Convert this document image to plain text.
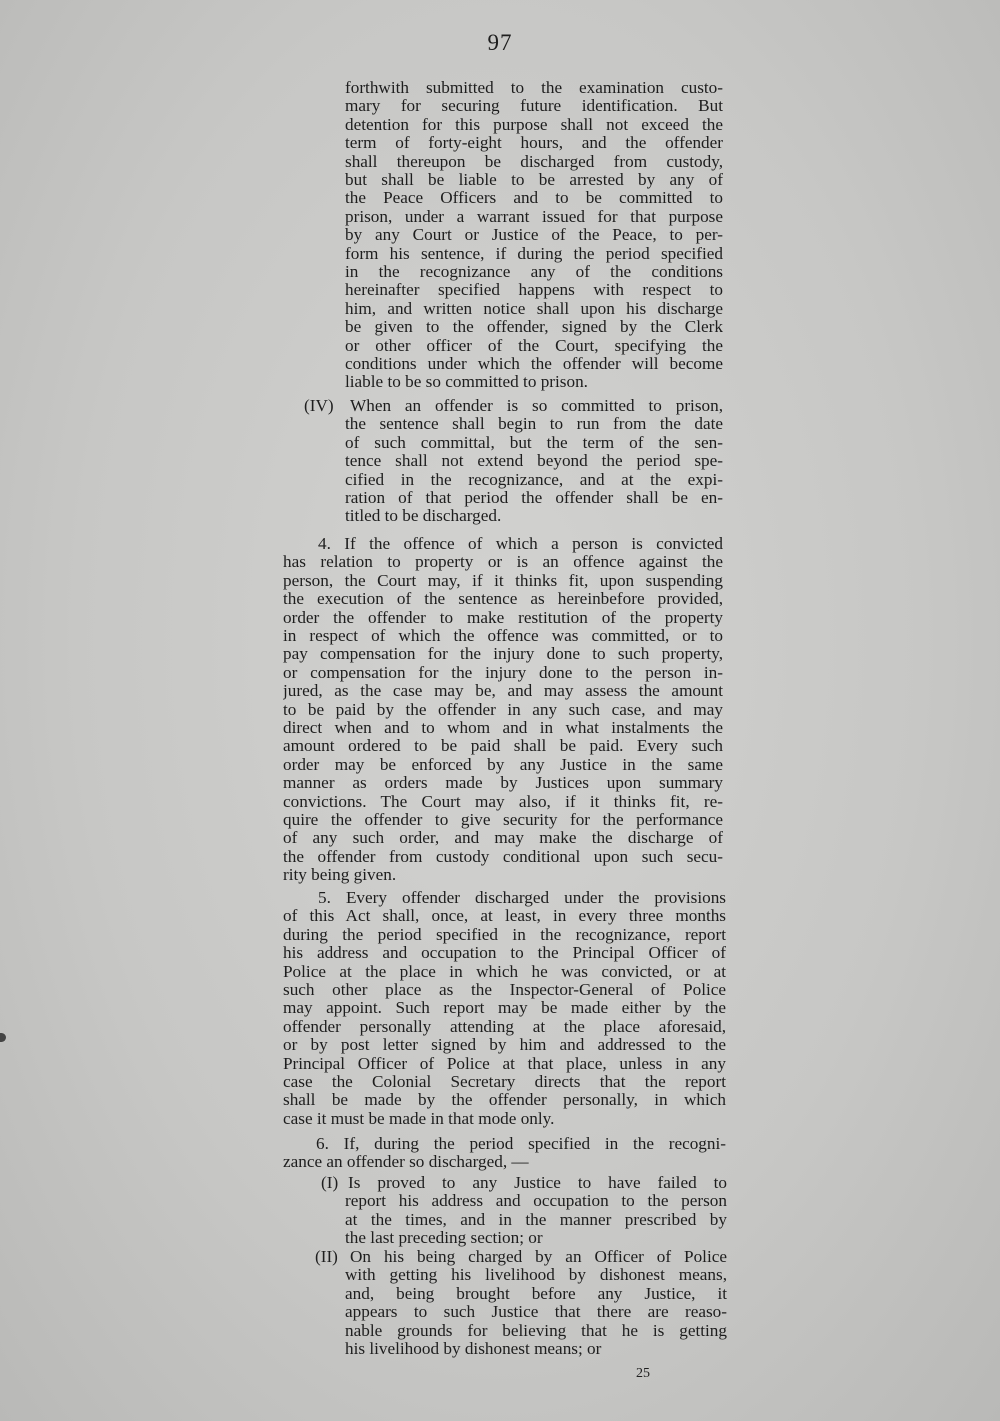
97
forthwith submitted to the examination custo-
mary for securing future identification. But
detention for this purpose shall not exceed the
term of forty-eight hours, and the offender
shall thereupon be discharged from custody,
but shall be liable to be arrested by any of
the Peace Officers and to be committed to
prison, under a warrant issued for that purpose
by any Court or Justice of the Peace, to per-
form his sentence, if during the period specified
in the recognizance any of the conditions
hereinafter specified happens with respect to
him, and written notice shall upon his discharge
be given to the offender, signed by the Clerk
or other officer of the Court, specifying the
conditions under which the offender will become
liable to be so committed to prison.
(IV) When an offender is so committed to prison,
the sentence shall begin to run from the date
of such committal, but the term of the sen-
tence shall not extend beyond the period spe-
cified in the recognizance, and at the expi-
ration of that period the offender shall be en-
titled to be discharged.
4. If the offence of which a person is convicted
has relation to property or is an offence against the
person, the Court may, if it thinks fit, upon suspending
the execution of the sentence as hereinbefore provided,
order the offender to make restitution of the property
in respect of which the offence was committed, or to
pay compensation for the injury done to such property,
or compensation for the injury done to the person in-
jured, as the case may be, and may assess the amount
to be paid by the offender in any such case, and may
direct when and to whom and in what instalments the
amount ordered to be paid shall be paid. Every such
order may be enforced by any Justice in the same
manner as orders made by Justices upon summary
convictions. The Court may also, if it thinks fit, re-
quire the offender to give security for the performance
of any such order, and may make the discharge of
the offender from custody conditional upon such secu-
rity being given.
5. Every offender discharged under the provisions
of this Act shall, once, at least, in every three months
during the period specified in the recognizance, report
his address and occupation to the Principal Officer of
Police at the place in which he was convicted, or at
such other place as the Inspector-General of Police
may appoint. Such report may be made either by the
offender personally attending at the place aforesaid,
or by post letter signed by him and addressed to the
Principal Officer of Police at that place, unless in any
case the Colonial Secretary directs that the report
shall be made by the offender personally, in which
case it must be made in that mode only.
6. If, during the period specified in the recogni-
zance an offender so discharged, —
(I) Is proved to any Justice to have failed to
report his address and occupation to the person
at the times, and in the manner prescribed by
the last preceding section; or
(II) On his being charged by an Officer of Police
with getting his livelihood by dishonest means,
and, being brought before any Justice, it
appears to such Justice that there are reaso-
nable grounds for believing that he is getting
his livelihood by dishonest means; or
25
